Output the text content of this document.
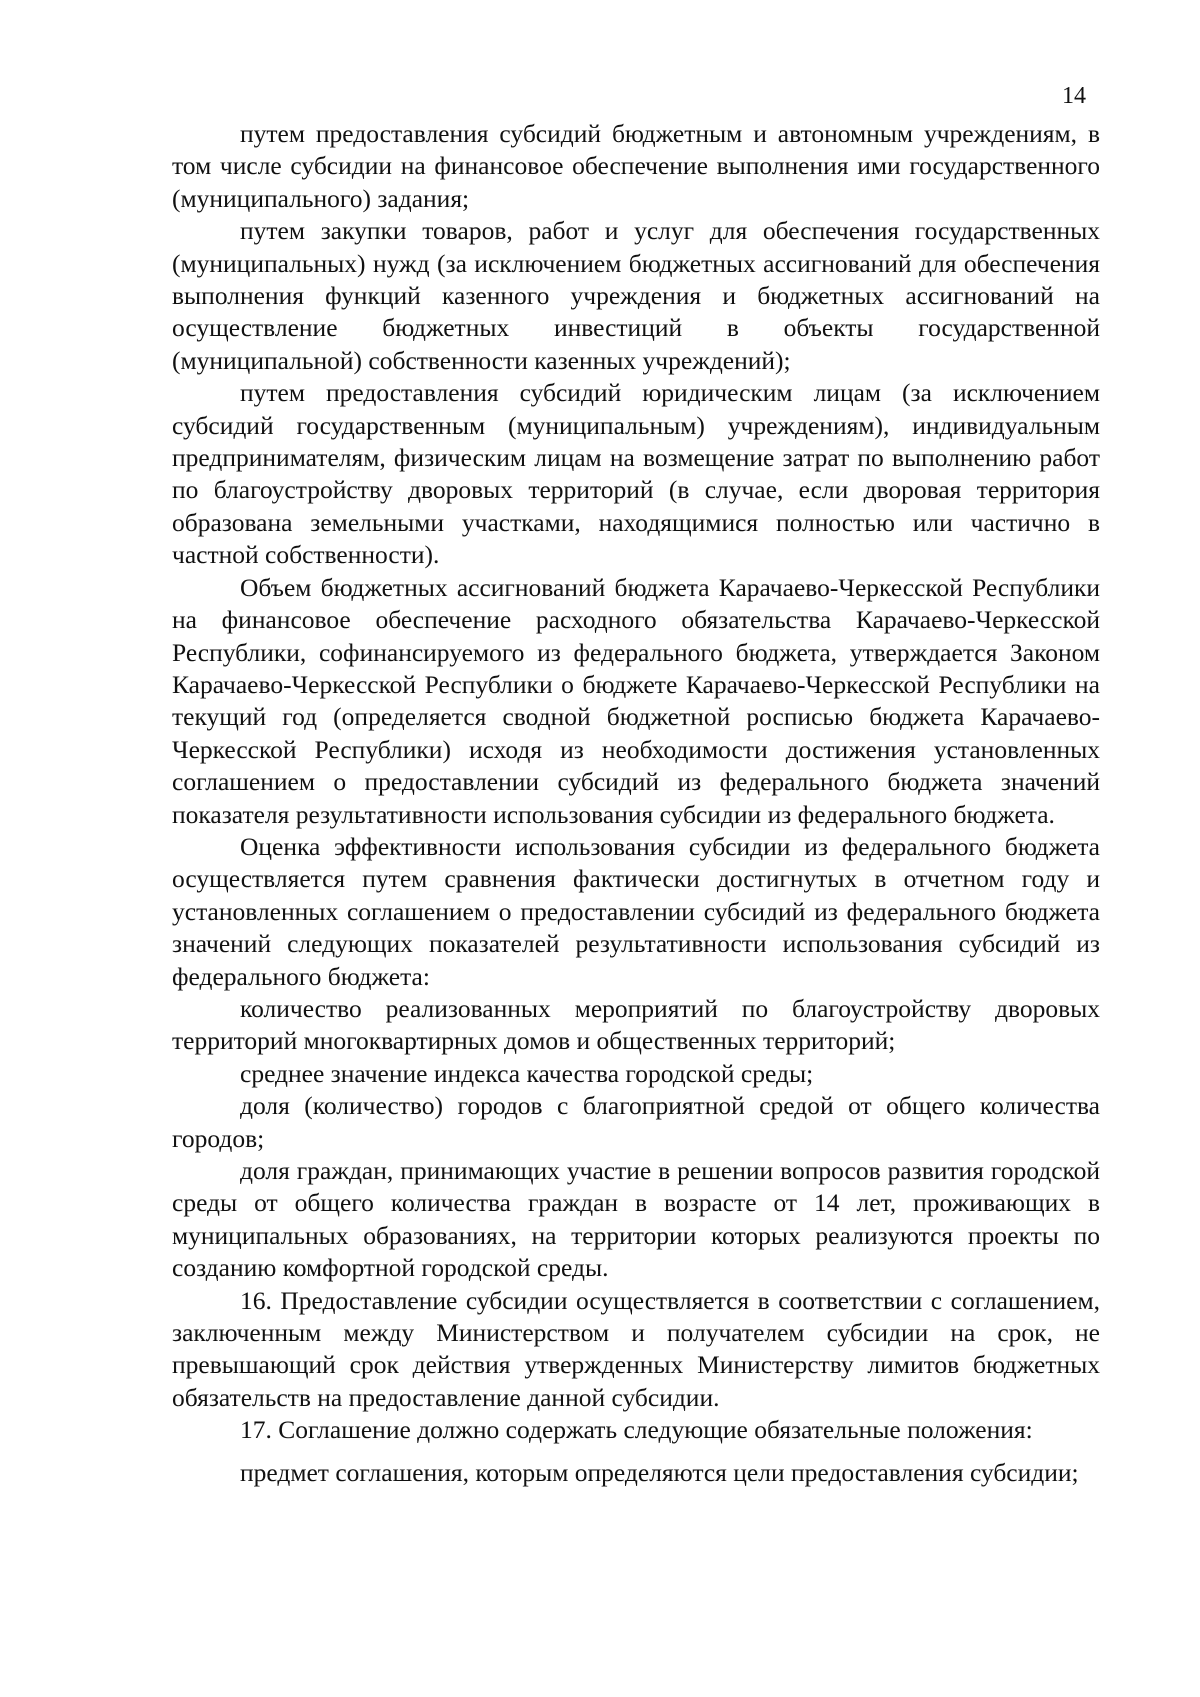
14

путем предоставления субсидий бюджетным и автономным учреждениям, в том числе субсидии на финансовое обеспечение выполнения ими государственного (муниципального) задания;

путем закупки товаров, работ и услуг для обеспечения государственных (муниципальных) нужд (за исключением бюджетных ассигнований для обеспечения выполнения функций казенного учреждения и бюджетных ассигнований на осуществление бюджетных инвестиций в объекты государственной (муниципальной) собственности казенных учреждений);

путем предоставления субсидий юридическим лицам (за исключением субсидий государственным (муниципальным) учреждениям), индивидуальным предпринимателям, физическим лицам на возмещение затрат по выполнению работ по благоустройству дворовых территорий (в случае, если дворовая территория образована земельными участками, находящимися полностью или частично в частной собственности).

Объем бюджетных ассигнований бюджета Карачаево-Черкесской Республики на финансовое обеспечение расходного обязательства Карачаево-Черкесской Республики, софинансируемого из федерального бюджета, утверждается Законом Карачаево-Черкесской Республики о бюджете Карачаево-Черкесской Республики на текущий год (определяется сводной бюджетной росписью бюджета Карачаево-Черкесской Республики) исходя из необходимости достижения установленных соглашением о предоставлении субсидий из федерального бюджета значений показателя результативности использования субсидии из федерального бюджета.

Оценка эффективности использования субсидии из федерального бюджета осуществляется путем сравнения фактически достигнутых в отчетном году и установленных соглашением о предоставлении субсидий из федерального бюджета значений следующих показателей результативности использования субсидий из федерального бюджета:

количество реализованных мероприятий по благоустройству дворовых территорий многоквартирных домов и общественных территорий;

среднее значение индекса качества городской среды;

доля (количество) городов с благоприятной средой от общего количества городов;

доля граждан, принимающих участие в решении вопросов развития городской среды от общего количества граждан в возрасте от 14 лет, проживающих в муниципальных образованиях, на территории которых реализуются проекты по созданию комфортной городской среды.

16. Предоставление субсидии осуществляется в соответствии с соглашением, заключенным между Министерством и получателем субсидии на срок, не превышающий срок действия утвержденных Министерству лимитов бюджетных обязательств на предоставление данной субсидии.

17. Соглашение должно содержать следующие обязательные положения:

предмет соглашения, которым определяются цели предоставления субсидии;
